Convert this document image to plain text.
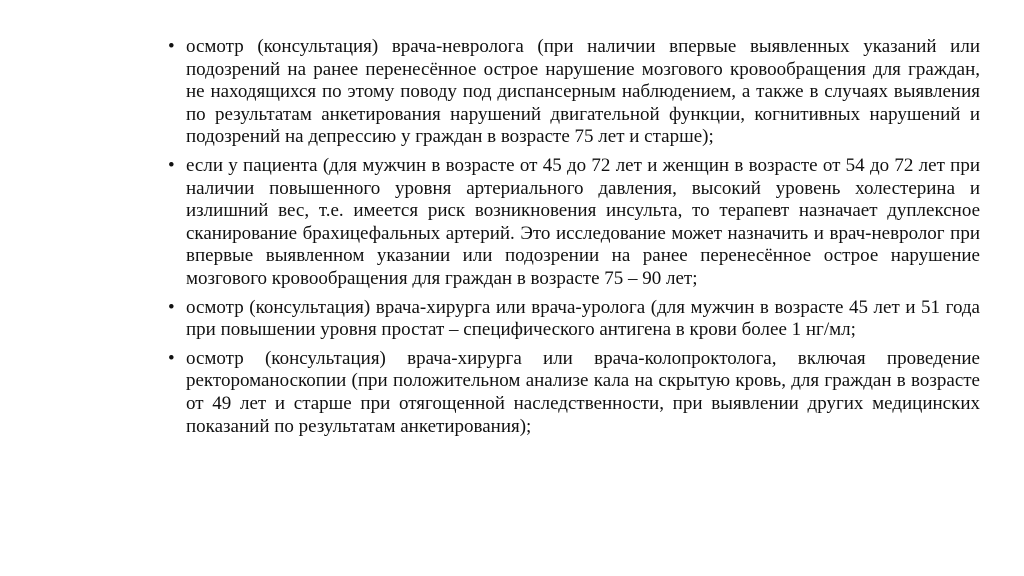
• осмотр (консультация) врача-невролога (при наличии впервые выявленных указаний или подозрений на ранее перенесённое острое нарушение мозгового кровообращения для граждан, не находящихся по этому поводу под диспансерным наблюдением, а также в случаях выявления по результатам анкетирования нарушений двигательной функции, когнитивных нарушений и подозрений на депрессию у граждан в возрасте 75 лет и старше);
• если у пациента (для мужчин в возрасте от 45 до 72 лет и женщин в возрасте от 54 до 72 лет при наличии повышенного уровня артериального давления, высокий уровень холестерина и излишний вес, т.е. имеется риск возникновения инсульта, то терапевт назначает дуплексное сканирование брахицефальных артерий. Это исследование может назначить и врач-невролог при впервые выявленном указании или подозрении на ранее перенесённое острое нарушение мозгового кровообращения для граждан в возрасте 75 – 90 лет;
• осмотр (консультация) врача-хирурга или врача-уролога (для мужчин в возрасте 45 лет и 51 года при повышении уровня простат – специфического антигена в крови более 1 нг/мл;
• осмотр (консультация) врача-хирурга или врача-колопроктолога, включая проведение ректороманоскопии (при положительном анализе кала на скрытую кровь, для граждан в возрасте от 49 лет и старше при отягощенной наследственности, при выявлении других медицинских показаний по результатам анкетирования);
